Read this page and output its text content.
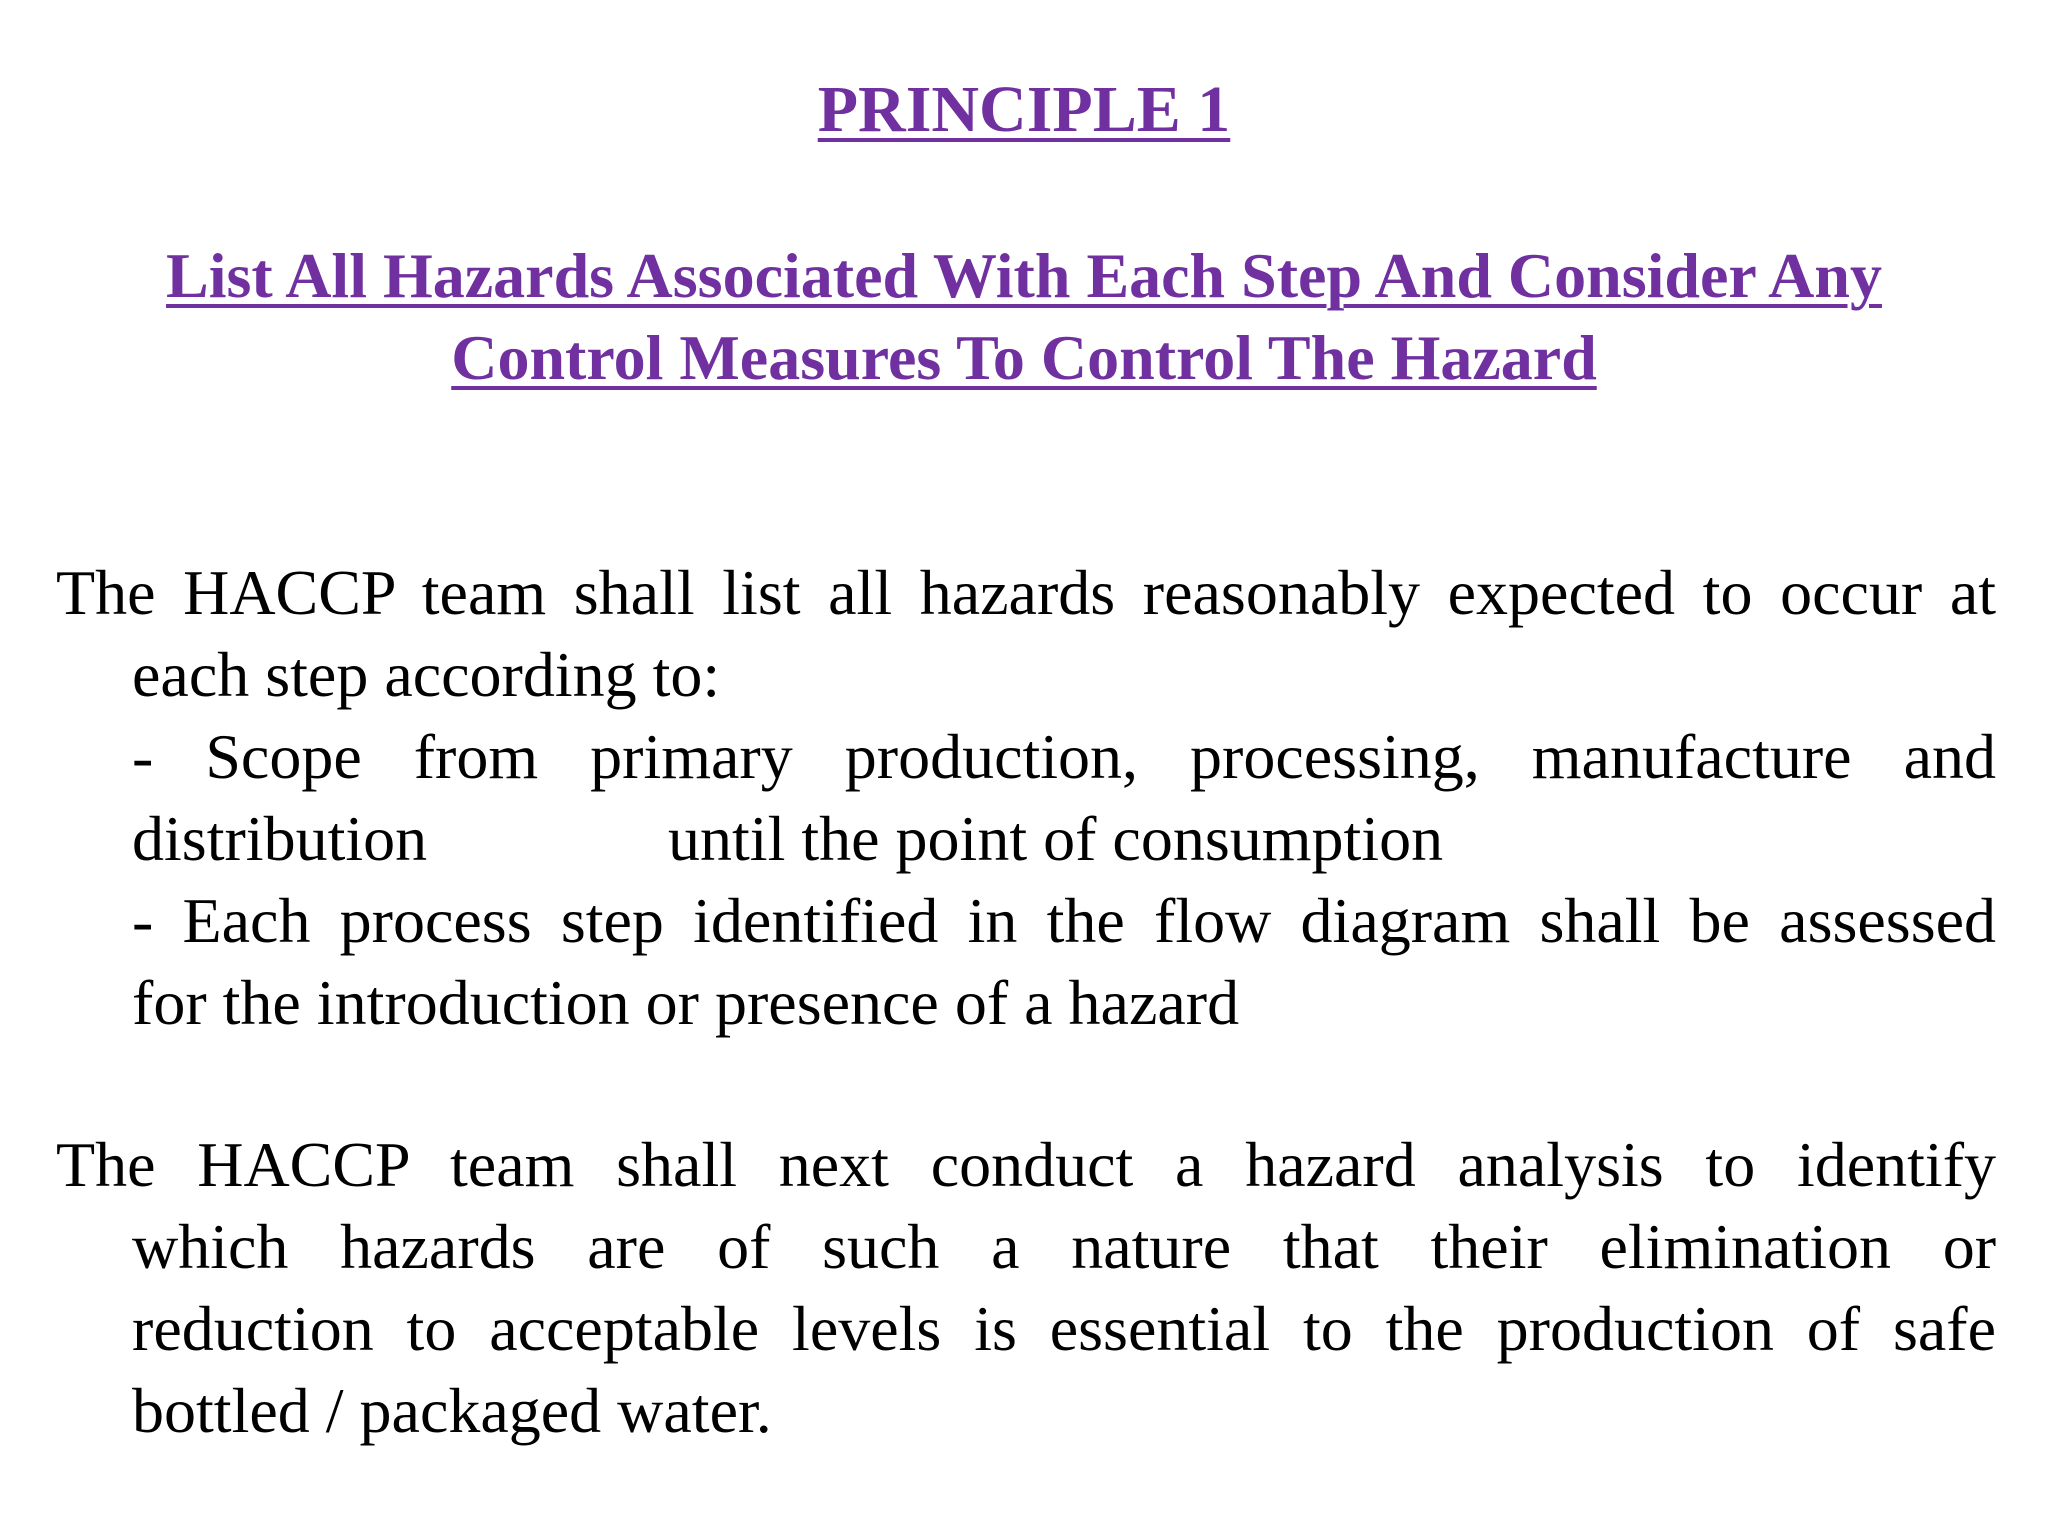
PRINCIPLE 1
List All Hazards Associated With Each Step And Consider Any Control Measures To Control The Hazard

The HACCP team shall list all hazards reasonably expected to occur at

each step according to:

- Scope from primary production, processing, manufacture and

distribution	until the point of consumption

- Each process step identified in the flow diagram shall be assessed

for the introduction or presence of a hazard

The HACCP team shall next conduct a hazard analysis to identify

which hazards are of such a nature that their elimination or

reduction to acceptable levels is essential to the production of safe

bottled / packaged water.
